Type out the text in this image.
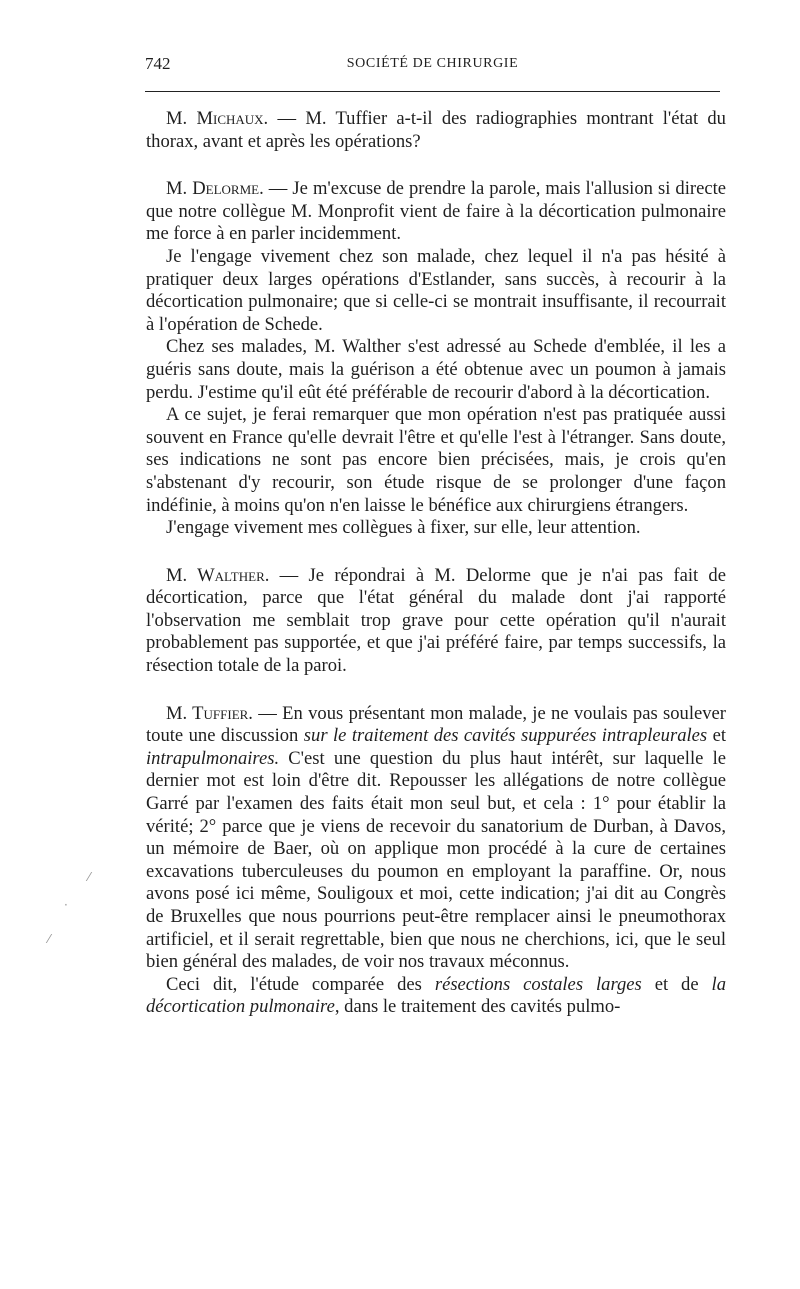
742	SOCIÉTÉ DE CHIRURGIE
⁄
·
⁄

M. Michaux. — M. Tuffier a-t-il des radiographies montrant l'état du thorax, avant et après les opérations?

M. Delorme. — Je m'excuse de prendre la parole, mais l'allusion si directe que notre collègue M. Monprofit vient de faire à la décortication pulmonaire me force à en parler incidemment.

Je l'engage vivement chez son malade, chez lequel il n'a pas hésité à pratiquer deux larges opérations d'Estlander, sans succès, à recourir à la décortication pulmonaire; que si celle-ci se montrait insuffisante, il recourrait à l'opération de Schede.

Chez ses malades, M. Walther s'est adressé au Schede d'emblée, il les a guéris sans doute, mais la guérison a été obtenue avec un poumon à jamais perdu. J'estime qu'il eût été préférable de recourir d'abord à la décortication.

A ce sujet, je ferai remarquer que mon opération n'est pas pratiquée aussi souvent en France qu'elle devrait l'être et qu'elle l'est à l'étranger. Sans doute, ses indications ne sont pas encore bien précisées, mais, je crois qu'en s'abstenant d'y recourir, son étude risque de se prolonger d'une façon indéfinie, à moins qu'on n'en laisse le bénéfice aux chirurgiens étrangers.

J'engage vivement mes collègues à fixer, sur elle, leur attention.

M. Walther. — Je répondrai à M. Delorme que je n'ai pas fait de décortication, parce que l'état général du malade dont j'ai rapporté l'observation me semblait trop grave pour cette opération qu'il n'aurait probablement pas supportée, et que j'ai préféré faire, par temps successifs, la résection totale de la paroi.

M. Tuffier. — En vous présentant mon malade, je ne voulais pas soulever toute une discussion sur le traitement des cavités suppurées intrapleurales et intrapulmonaires. C'est une question du plus haut intérêt, sur laquelle le dernier mot est loin d'être dit. Repousser les allégations de notre collègue Garré par l'examen des faits était mon seul but, et cela : 1° pour établir la vérité; 2° parce que je viens de recevoir du sanatorium de Durban, à Davos, un mémoire de Baer, où on applique mon procédé à la cure de certaines excavations tuberculeuses du poumon en employant la paraffine. Or, nous avons posé ici même, Souligoux et moi, cette indication; j'ai dit au Congrès de Bruxelles que nous pourrions peut-être remplacer ainsi le pneumothorax artificiel, et il serait regrettable, bien que nous ne cherchions, ici, que le seul bien général des malades, de voir nos travaux méconnus.

Ceci dit, l'étude comparée des résections costales larges et de la décortication pulmonaire, dans le traitement des cavités pulmo-
